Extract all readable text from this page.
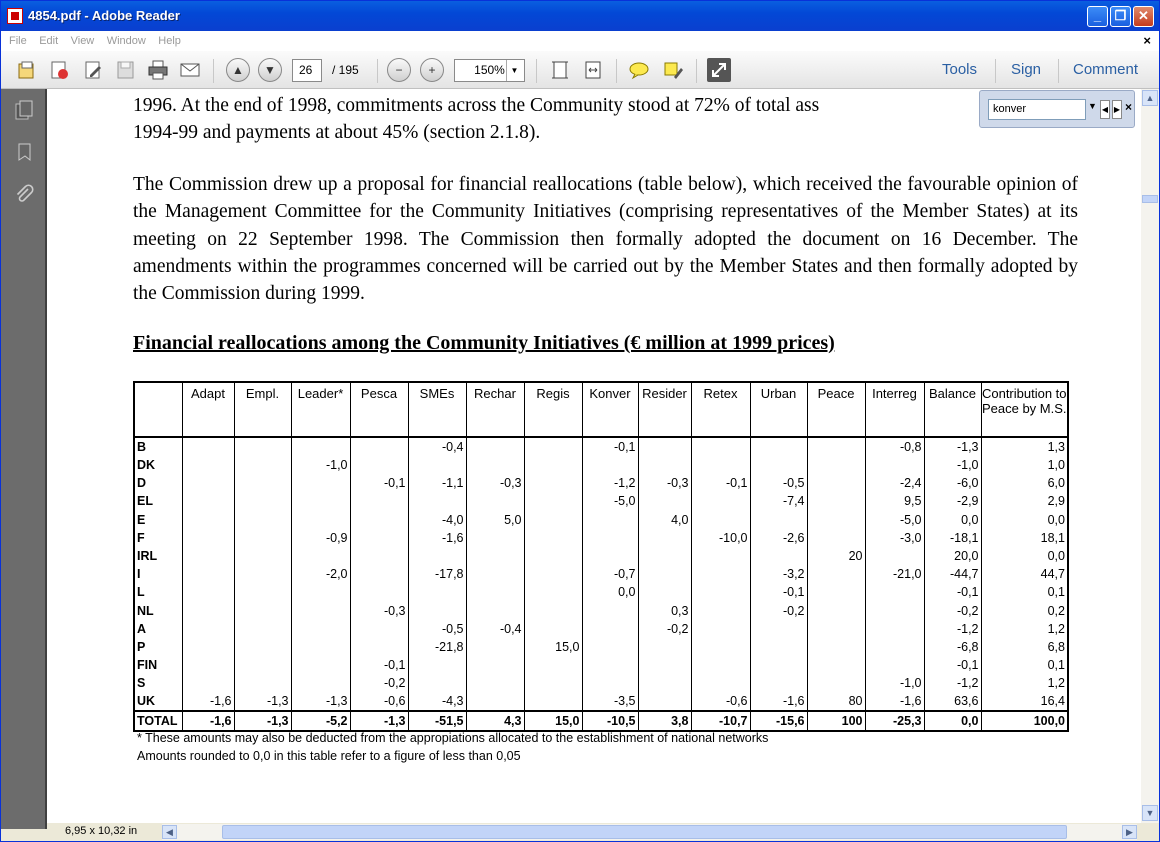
4854.pdf - Adobe Reader	_	❐ ✕
File Edit View Window Help	×
▲	▼	26	/ 195	−	+	150% ▼	Tools Sign Comment
1996. At the end of 1998, commitments across the Community stood at 72% of total ass
1994-99 and payments at about 45% (section 2.1.8).
The Commission drew up a proposal for financial reallocations (table below), which received the favourable opinion of the Management Committee for the Community Initiatives (comprising representatives of the Member States) at its meeting on 22 September 1998. The Commission then formally adopted the document on 16 December. The amendments within the programmes concerned will be carried out by the Member States and then formally adopted by the Commission during 1999.
Financial reallocations among the Community Initiatives (€ million at 1999 prices)
	Adapt	Empl.	Leader*	Pesca	SMEs	Rechar	Regis	Konver	Resider	Retex	Urban	Peace	Interreg	Balance	Contribution to Peace by M.S.
B					-0,4			-0,1					-0,8	-1,3	1,3
DK			-1,0											-1,0	1,0
D				-0,1	-1,1	-0,3		-1,2	-0,3	-0,1	-0,5		-2,4	-6,0	6,0
EL								-5,0			-7,4		9,5	-2,9	2,9
E					-4,0	5,0			4,0				-5,0	0,0	0,0
F			-0,9		-1,6					-10,0	-2,6		-3,0	-18,1	18,1
IRL												20		20,0	0,0
I			-2,0		-17,8			-0,7			-3,2		-21,0	-44,7	44,7
L								0,0			-0,1			-0,1	0,1
NL				-0,3					0,3		-0,2			-0,2	0,2
A					-0,5	-0,4			-0,2					-1,2	1,2
P					-21,8		15,0							-6,8	6,8
FIN				-0,1										-0,1	0,1
S				-0,2									-1,0	-1,2	1,2
UK	-1,6	-1,3	-1,3	-0,6	-4,3			-3,5		-0,6	-1,6	80	-1,6	63,6	16,4
TOTAL	-1,6	-1,3	-5,2	-1,3	-51,5	4,3	15,0	-10,5	3,8	-10,7	-15,6	100	-25,3	0,0	100,0
* These amounts may also be deducted from the appropiations allocated to the establishment of national networks
Amounts rounded to 0,0 in this table refer to a figure of less than 0,05
konver	▼ ◀ ▶ ×
▲
▼
6,95 x 10,32 in	◀	▶
